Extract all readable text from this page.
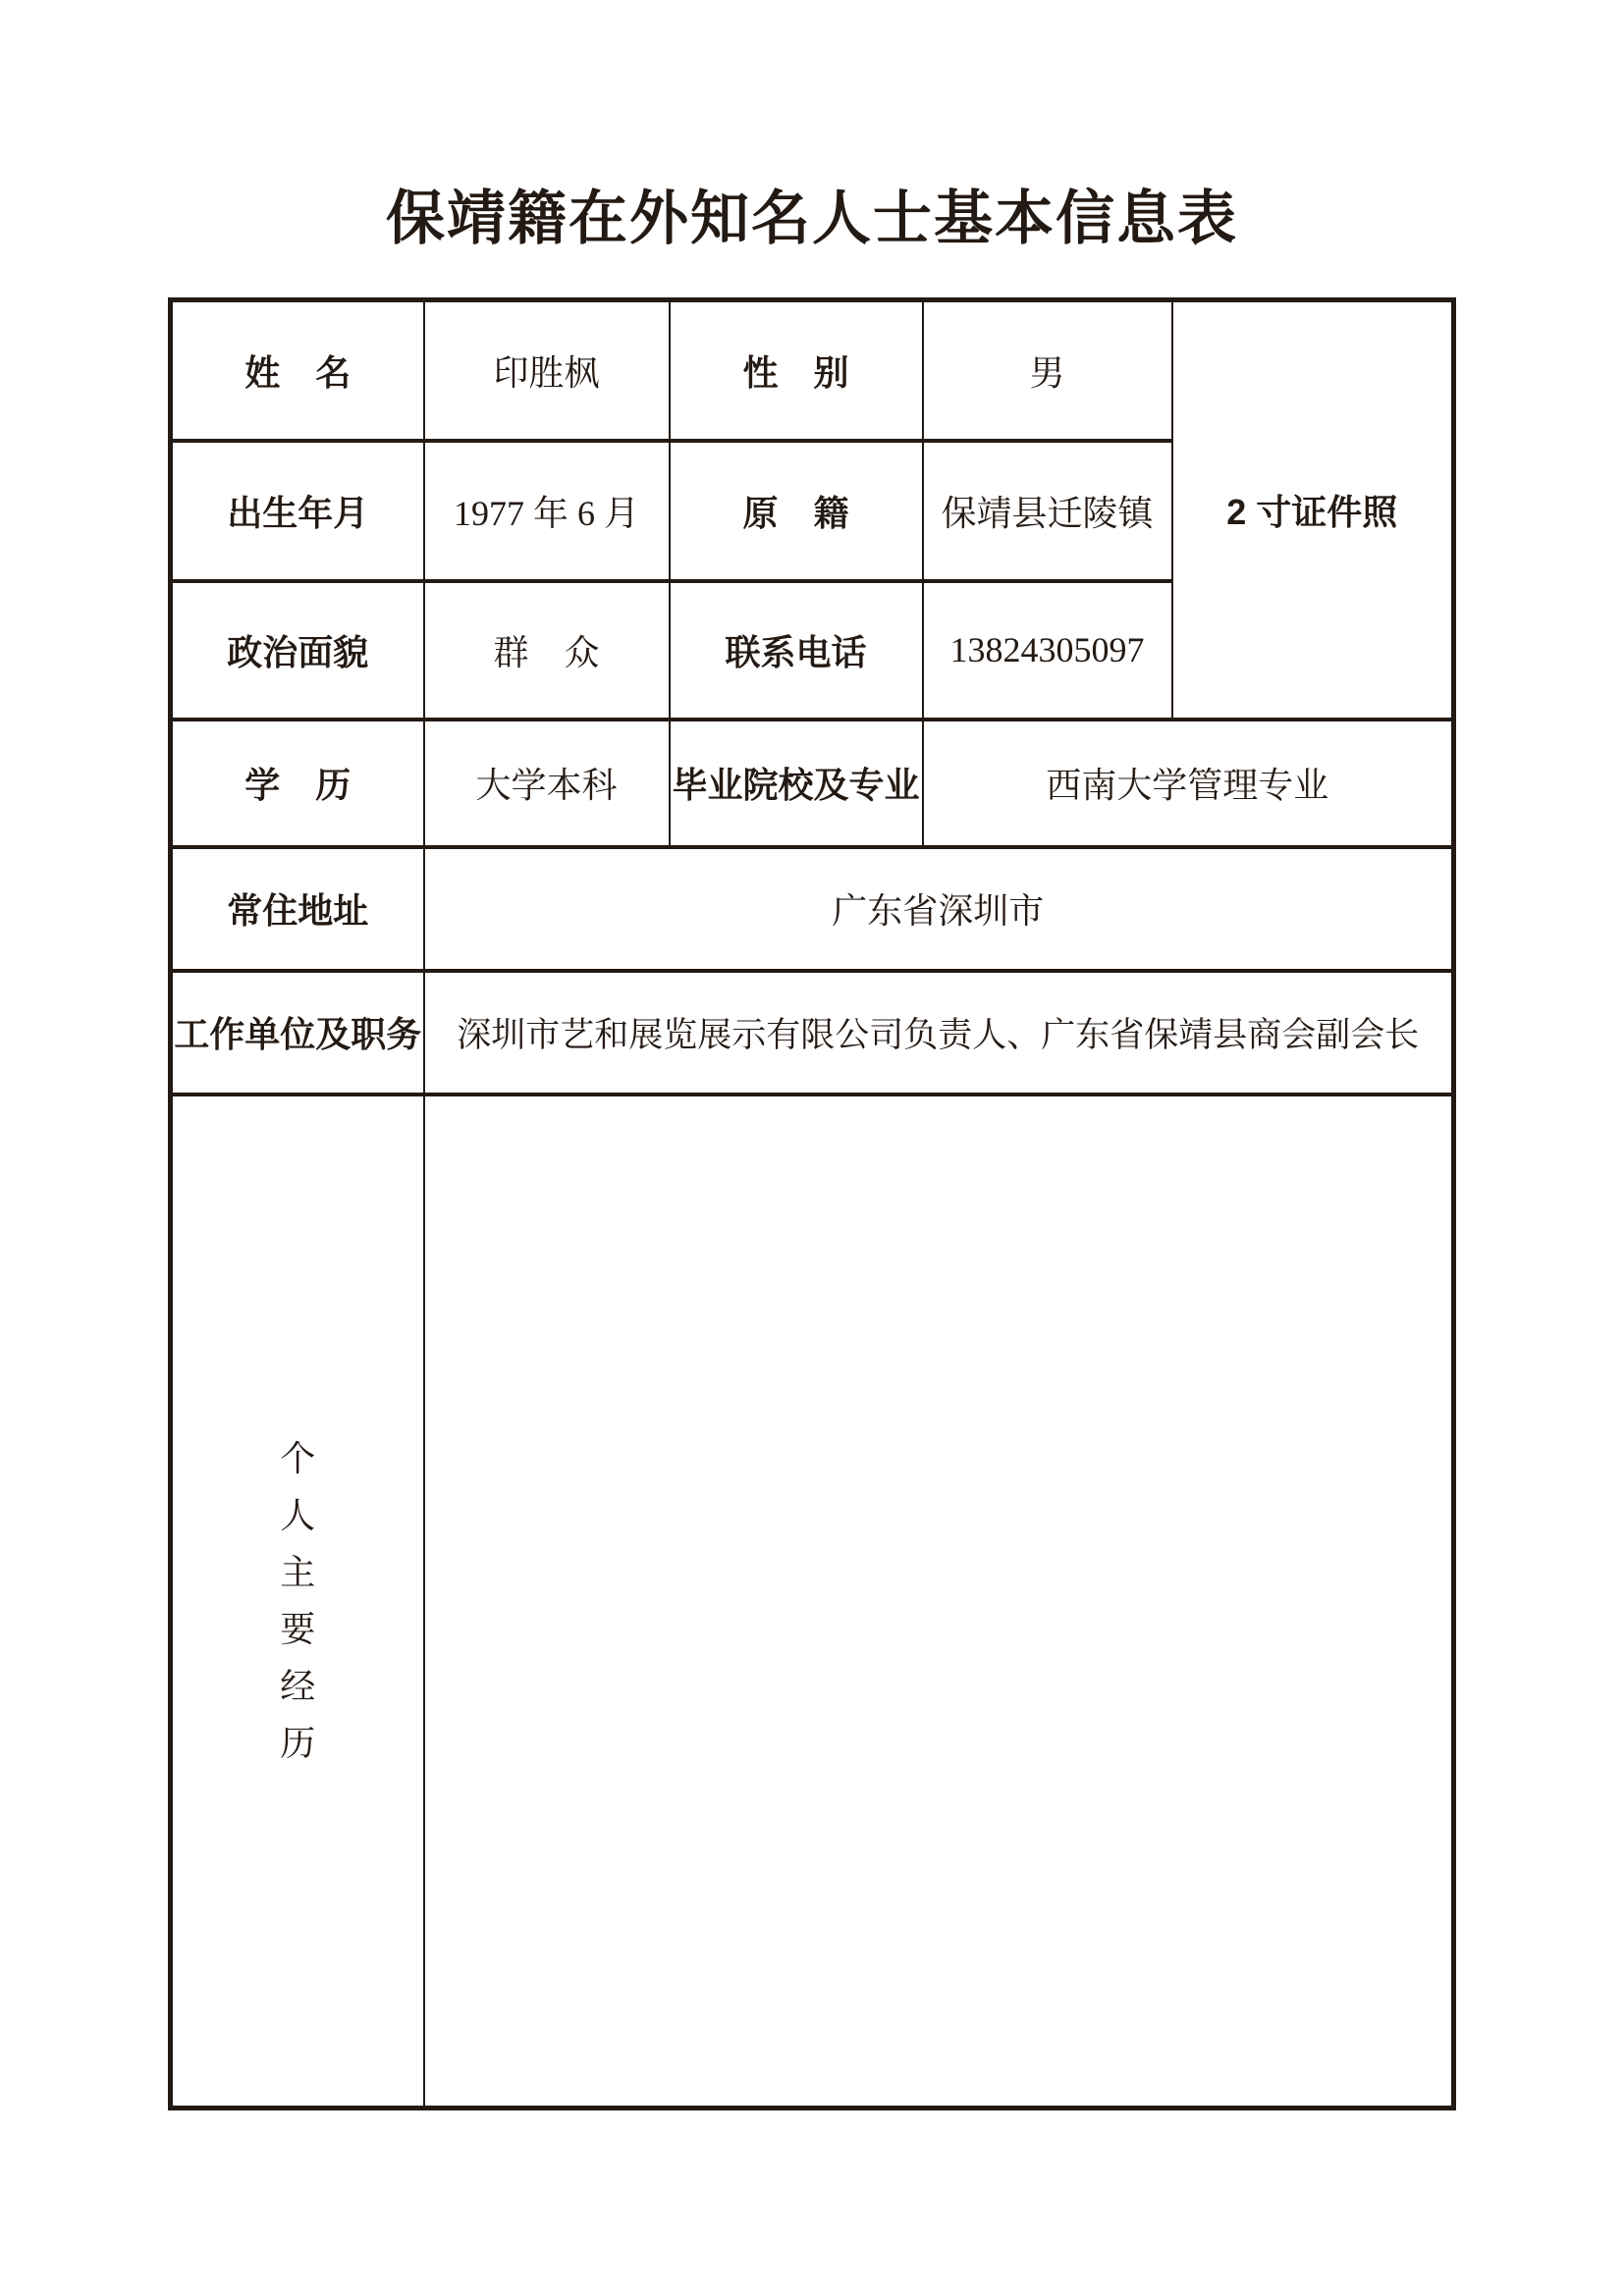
保靖籍在外知名人士基本信息表
姓　名	印胜枫	性　别	男	2 寸证件照
出生年月	1977 年 6 月	原　籍	保靖县迁陵镇	
政治面貌	群　众	联系电话	13824305097	
学　历	大学本科	毕业院校及专业	西南大学管理专业	
常住地址	广东省深圳市			
工作单位及职务	深圳市艺和展览展示有限公司负责人、广东省保靖县商会副会长			

个人主要经历				
